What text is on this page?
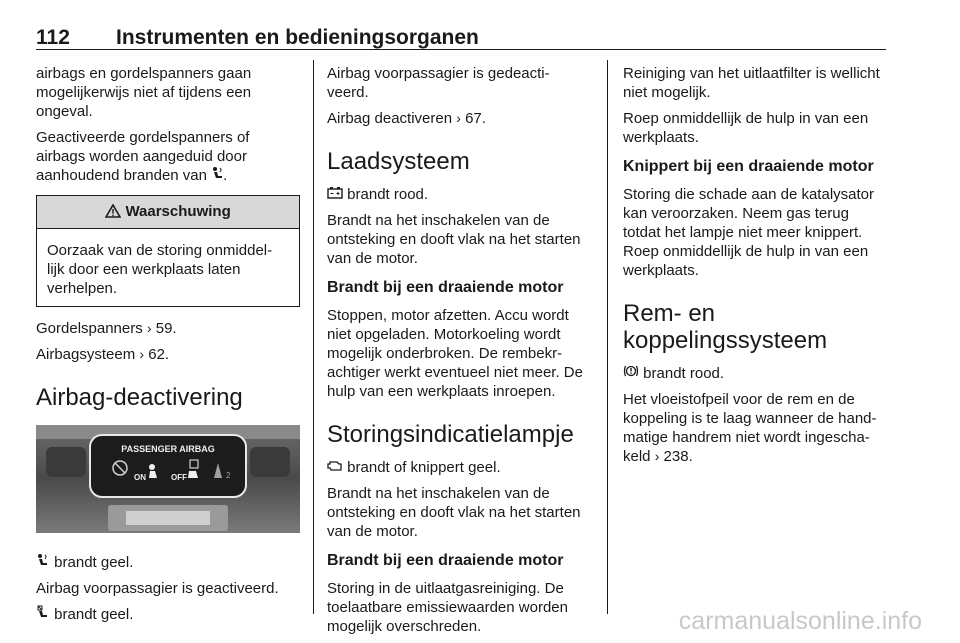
112 Instrumenten en bedieningsorganen

airbags en gordelspanners gaan mogelijkerwijs niet af tijdens een ongeval.

Geactiveerde gordelspanners of airbags worden aangeduid door aanhoudend branden van .

Waarschuwing

Oorzaak van de storing onmiddel-lijk door een werkplaats laten verhelpen.

Gordelspanners › 59.

Airbagsysteem › 62.

Airbag-deactivering
PASSENGER AIRBAG
ON	OFF	2

brandt geel.

Airbag voorpassagier is geactiveerd.

brandt geel.

Airbag voorpassagier is gedeacti-veerd.

Airbag deactiveren › 67.

Laadsysteem

brandt rood.

Brandt na het inschakelen van de ontsteking en dooft vlak na het starten van de motor.

Brandt bij een draaiende motor

Stoppen, motor afzetten. Accu wordt niet opgeladen. Motorkoeling wordt mogelijk onderbroken. De rembekr-achtiger werkt eventueel niet meer. De hulp van een werkplaats inroepen.

Storingsindicatielampje

brandt of knippert geel.

Brandt na het inschakelen van de ontsteking en dooft vlak na het starten van de motor.

Brandt bij een draaiende motor

Storing in de uitlaatgasreiniging. De toelaatbare emissiewaarden worden mogelijk overschreden.

Reiniging van het uitlaatfilter is wellicht niet mogelijk.

Roep onmiddellijk de hulp in van een werkplaats.

Knippert bij een draaiende motor

Storing die schade aan de katalysator kan veroorzaken. Neem gas terug totdat het lampje niet meer knippert. Roep onmiddellijk de hulp in van een werkplaats.

Rem- en
koppelingssysteem

brandt rood.

Het vloeistofpeil voor de rem en de koppeling is te laag wanneer de hand-matige handrem niet wordt ingescha-keld › 238.

carmanualsonline.info
